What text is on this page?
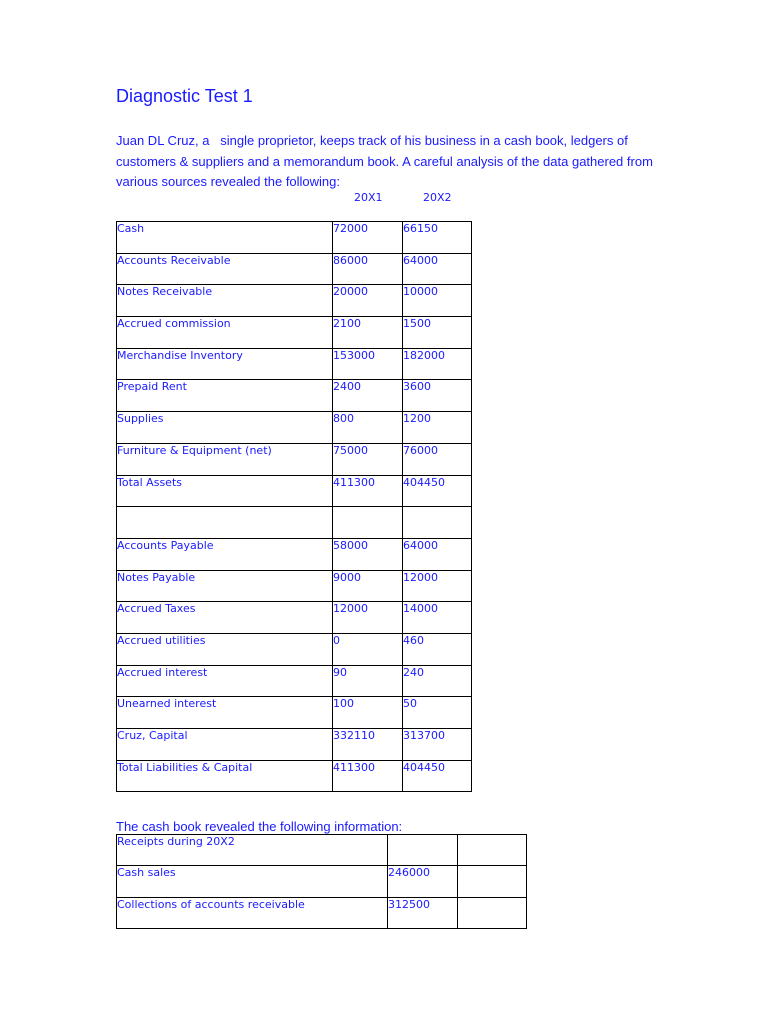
Diagnostic Test 1
Juan DL Cruz, a   single proprietor, keeps track of his business in a cash book, ledgers of customers & suppliers and a memorandum book. A careful analysis of the data gathered from various sources revealed the following:
20X1	20X2
Cash	72000	66150
Accounts Receivable	86000	64000
Notes Receivable	20000	10000
Accrued commission	2100	1500
Merchandise Inventory	153000	182000
Prepaid Rent	2400	3600
Supplies	800	1200
Furniture & Equipment (net)	75000	76000
Total Assets	411300	404450

Accounts Payable	58000	64000
Notes Payable	9000	12000
Accrued Taxes	12000	14000
Accrued utilities	0	460
Accrued interest	90	240
Unearned interest	100	50
Cruz, Capital	332110	313700
Total Liabilities & Capital	411300	404450
The cash book revealed the following information:
Receipts during 20X2		
Cash sales	246000	
Collections of accounts receivable	312500	
